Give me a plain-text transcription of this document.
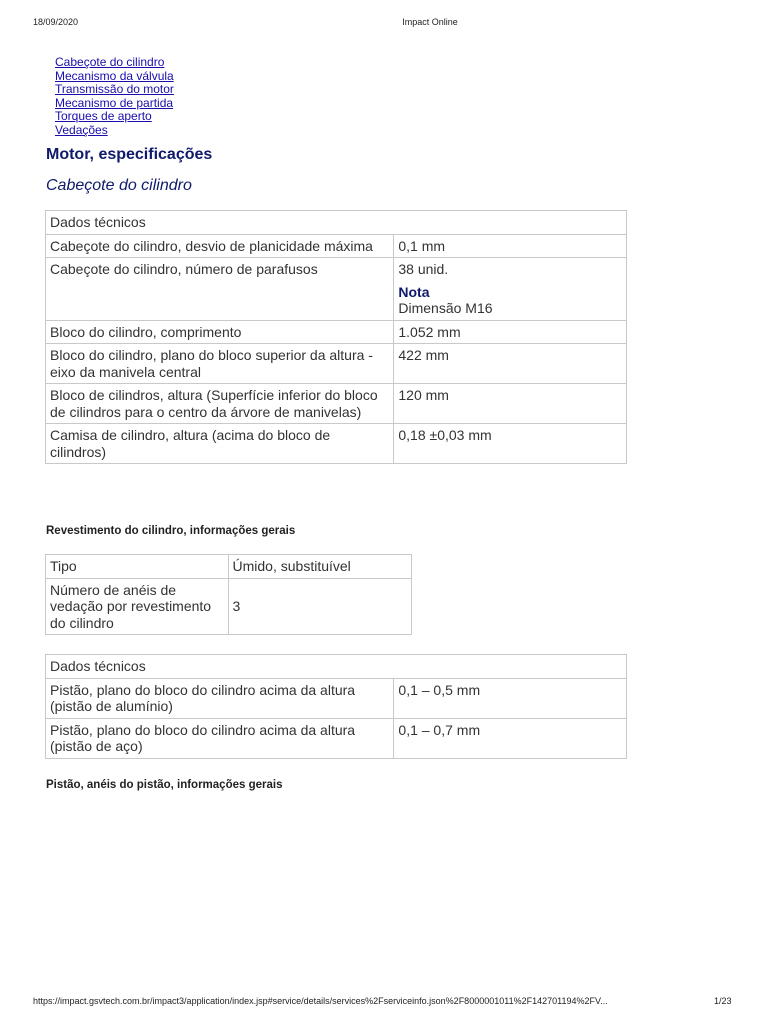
18/09/2020	Impact Online
Cabeçote do cilindro
Mecanismo da válvula
Transmissão do motor
Mecanismo de partida
Torques de aperto
Vedações
Motor, especificações
Cabeçote do cilindro
Dados técnicos	
Cabeçote do cilindro, desvio de planicidade máxima	0,1 mm
Cabeçote do cilindro, número de parafusos	38 unid.
Nota
Dimensão M16

Bloco do cilindro, comprimento	1.052 mm
Bloco do cilindro, plano do bloco superior da altura - eixo da manivela central	422 mm
Bloco de cilindros, altura (Superfície inferior do bloco de cilindros para o centro da árvore de manivelas)	120 mm
Camisa de cilindro, altura (acima do bloco de cilindros)	0,18 ±0,03 mm
Revestimento do cilindro, informações gerais
Tipo	Úmido, substituível
Número de anéis de vedação por revestimento do cilindro	3
Dados técnicos	
Pistão, plano do bloco do cilindro acima da altura (pistão de alumínio)	0,1 – 0,5 mm
Pistão, plano do bloco do cilindro acima da altura (pistão de aço)	0,1 – 0,7 mm
Pistão, anéis do pistão, informações gerais
https://impact.gsvtech.com.br/impact3/application/index.jsp#service/details/services%2Fserviceinfo.json%2F8000001011%2F142701194%2FV...	1/23
